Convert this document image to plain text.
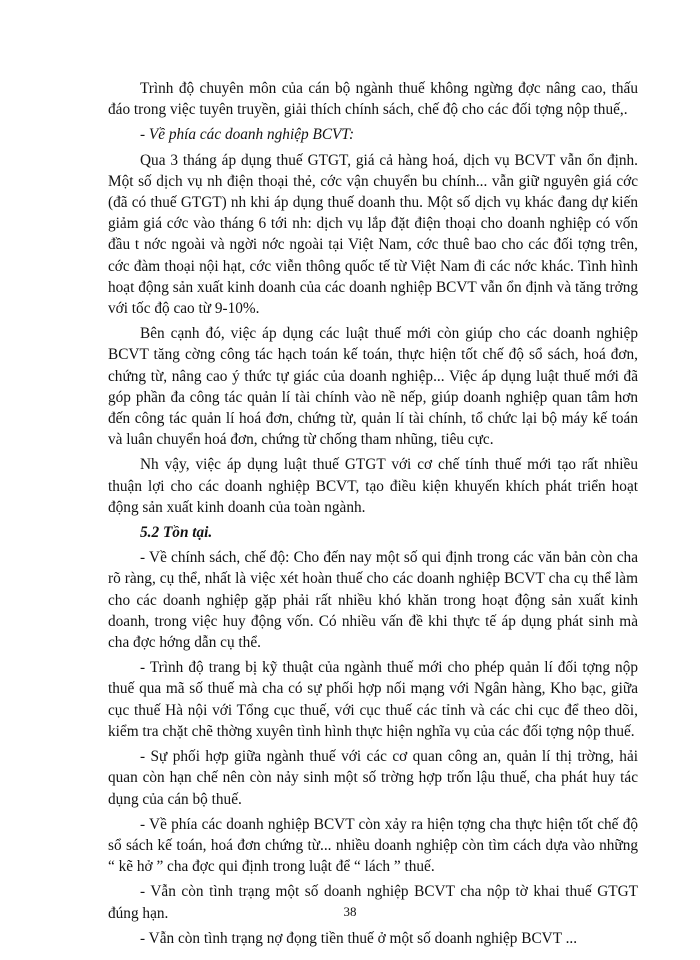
Trình độ chuyên môn của cán bộ ngành thuế không ngừng đợc nâng cao, thấu đáo trong việc tuyên truyền, giải thích chính sách, chế độ cho các đối tợng nộp thuế,.

- Về phía các doanh nghiệp BCVT:

Qua 3 tháng áp dụng thuế GTGT, giá cả hàng hoá, dịch vụ BCVT vẫn ổn định. Một số dịch vụ nh điện thoại thẻ, cớc vận chuyển bu chính... vẫn giữ nguyên giá cớc (đã có thuế GTGT) nh khi áp dụng thuế doanh thu. Một số dịch vụ khác đang dự kiến giảm giá cớc vào tháng 6 tới nh: dịch vụ lắp đặt điện thoại cho doanh nghiệp có vốn đầu t nớc ngoài và ngời nớc ngoài tại Việt Nam, cớc thuê bao cho các đối tợng trên, cớc đàm thoại nội hạt, cớc viễn thông quốc tế từ Việt Nam đi các nớc khác. Tình hình hoạt động sản xuất kinh doanh của các doanh nghiệp BCVT vẫn ổn định và tăng trởng với tốc độ cao từ 9-10%.

Bên cạnh đó, việc áp dụng các luật thuế mới còn giúp cho các doanh nghiệp BCVT tăng cờng công tác hạch toán kế toán, thực hiện tốt chế độ sổ sách, hoá đơn, chứng từ, nâng cao ý thức tự giác của doanh nghiệp... Việc áp dụng luật thuế mới đã góp phần đa công tác quản lí tài chính vào nề nếp, giúp doanh nghiệp quan tâm hơn đến công tác quản lí hoá đơn, chứng từ, quản lí tài chính, tổ chức lại bộ máy kế toán và luân chuyển hoá đơn, chứng từ chống tham nhũng, tiêu cực.

Nh vậy, việc áp dụng luật thuế GTGT với cơ chế tính thuế mới tạo rất nhiều thuận lợi cho các doanh nghiệp BCVT, tạo điều kiện khuyến khích phát triển hoạt động sản xuất kinh doanh của toàn ngành.

5.2 Tồn tại.

- Về chính sách, chế độ: Cho đến nay một số qui định trong các văn bản còn cha rõ ràng, cụ thể, nhất là việc xét hoàn thuế cho các doanh nghiệp BCVT cha cụ thể làm cho các doanh nghiệp gặp phải rất nhiều khó khăn trong hoạt động sản xuất kinh doanh, trong việc huy động vốn. Có nhiều vấn đề khi thực tế áp dụng phát sinh mà cha đợc hớng dẫn cụ thể.

- Trình độ trang bị kỹ thuật của ngành thuế mới cho phép quản lí đối tợng nộp thuế qua mã số thuế mà cha có sự phối hợp nối mạng với Ngân hàng, Kho bạc, giữa cục thuế Hà nội với Tổng cục thuế, với cục thuế các tỉnh và các chi cục để theo dõi, kiểm tra chặt chẽ thờng xuyên tình hình thực hiện nghĩa vụ của các đối tợng nộp thuế.

- Sự phối hợp giữa ngành thuế với các cơ quan công an, quản lí thị trờng, hải quan còn hạn chế nên còn nảy sinh một số trờng hợp trốn lậu thuế, cha phát huy tác dụng của cán bộ thuế.

- Về phía các doanh nghiệp BCVT còn xảy ra hiện tợng cha thực hiện tốt chế độ sổ sách kế toán, hoá đơn chứng từ... nhiều doanh nghiệp còn tìm cách dựa vào những “ kẽ hở ” cha đợc qui định trong luật để “ lách ” thuế.

- Vẫn còn tình trạng một số doanh nghiệp BCVT cha nộp tờ khai thuế GTGT đúng hạn.

- Vẫn còn tình trạng nợ đọng tiền thuế ở một số doanh nghiệp BCVT ...

38
